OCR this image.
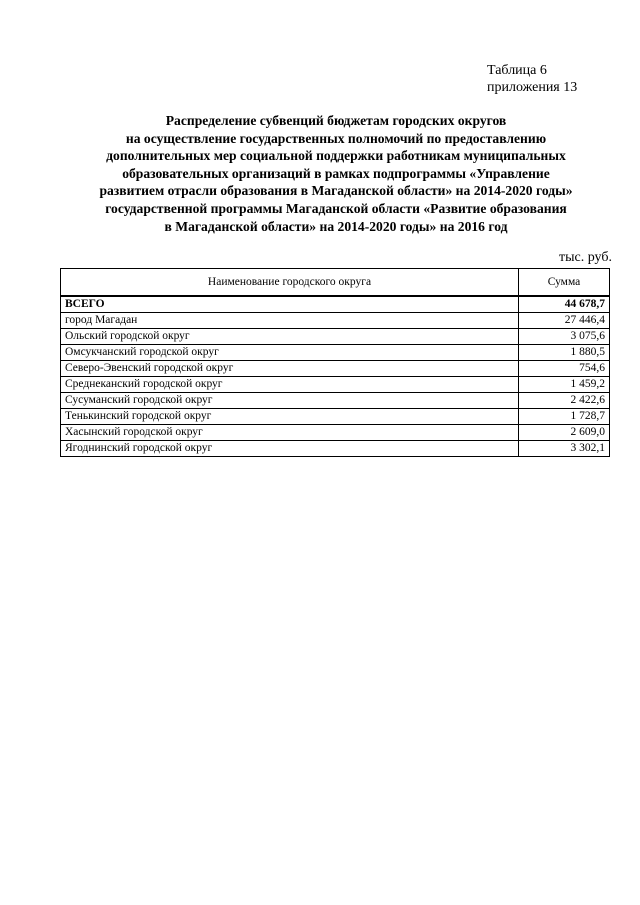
Таблица 6
приложения 13
Распределение субвенций бюджетам городских округов
на осуществление государственных полномочий по предоставлению
дополнительных мер социальной поддержки работникам муниципальных
образовательных организаций в рамках подпрограммы «Управление
развитием отрасли образования в Магаданской области» на 2014-2020 годы»
государственной программы Магаданской области «Развитие образования
в Магаданской области» на 2014-2020 годы» на 2016 год
тыс. руб.
Наименование городского округа	Сумма
ВСЕГО	44 678,7
город Магадан	27 446,4
Ольский городской округ	3 075,6
Омсукчанский городской округ	1 880,5
Северо-Эвенский городской округ	754,6
Среднеканский городской округ	1 459,2
Сусуманский городской округ	2 422,6
Тенькинский городской округ	1 728,7
Хасынский городской округ	2 609,0
Ягоднинский городской округ	3 302,1
